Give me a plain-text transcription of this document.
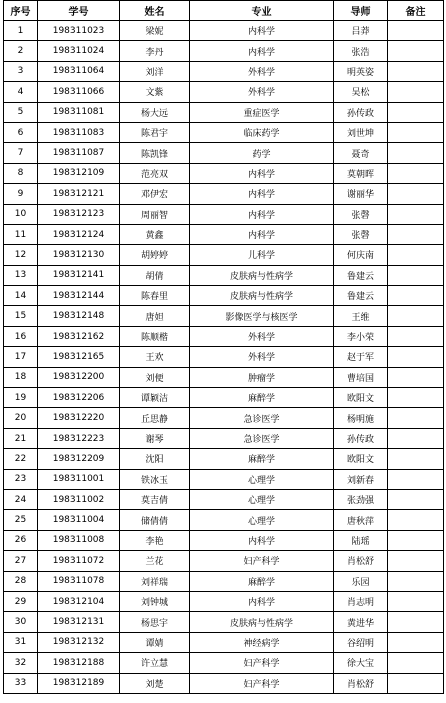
序号	学号	姓名	专业	导师	备注
1	198311023	梁妮	内科学	吕莽	
2	198311024	李丹	内科学	张浩	
3	198311064	刘洋	外科学	明英姿	
4	198311066	文紫	外科学	吴松	
5	198311081	杨大远	重症医学	孙传政	
6	198311083	陈君宇	临床药学	刘世坤	
7	198311087	陈凯锋	药学	聂奇	
8	198312109	范亮双	内科学	莫朝晖	
9	198312121	邓伊宏	内科学	谢丽华	
10	198312123	周丽智	内科学	张磬	
11	198312124	黄鑫	内科学	张磬	
12	198312130	胡婷婷	儿科学	何庆南	
13	198312141	胡倩	皮肤病与性病学	鲁建云	
14	198312144	陈春里	皮肤病与性病学	鲁建云	
15	198312148	唐妲	影像医学与核医学	王维	
16	198312162	陈顺楷	外科学	李小荣	
17	198312165	王欢	外科学	赵于军	
18	198312200	刘便	肿瘤学	曹培国	
19	198312206	谭颖洁	麻醉学	欧阳文	
20	198312220	丘思静	急诊医学	杨明施	
21	198312223	谢琴	急诊医学	孙传政	
22	198312209	沈阳	麻醉学	欧阳文	
23	198311001	铁冰玉	心理学	刘新春	
24	198311002	莫吉倩	心理学	张劲强	
25	198311004	储倩倩	心理学	唐秋萍	
26	198311008	李艳	内科学	陆瑶	
27	198311072	兰花	妇产科学	肖松舒	
28	198311078	刘祥瑞	麻醉学	乐园	
29	198312104	刘钟城	内科学	肖志明	
30	198312131	杨思宇	皮肤病与性病学	黄进华	
31	198312132	谭婧	神经病学	谷绍明	
32	198312188	许立慧	妇产科学	徐大宝	
33	198312189	刘楚	妇产科学	肖松舒	
